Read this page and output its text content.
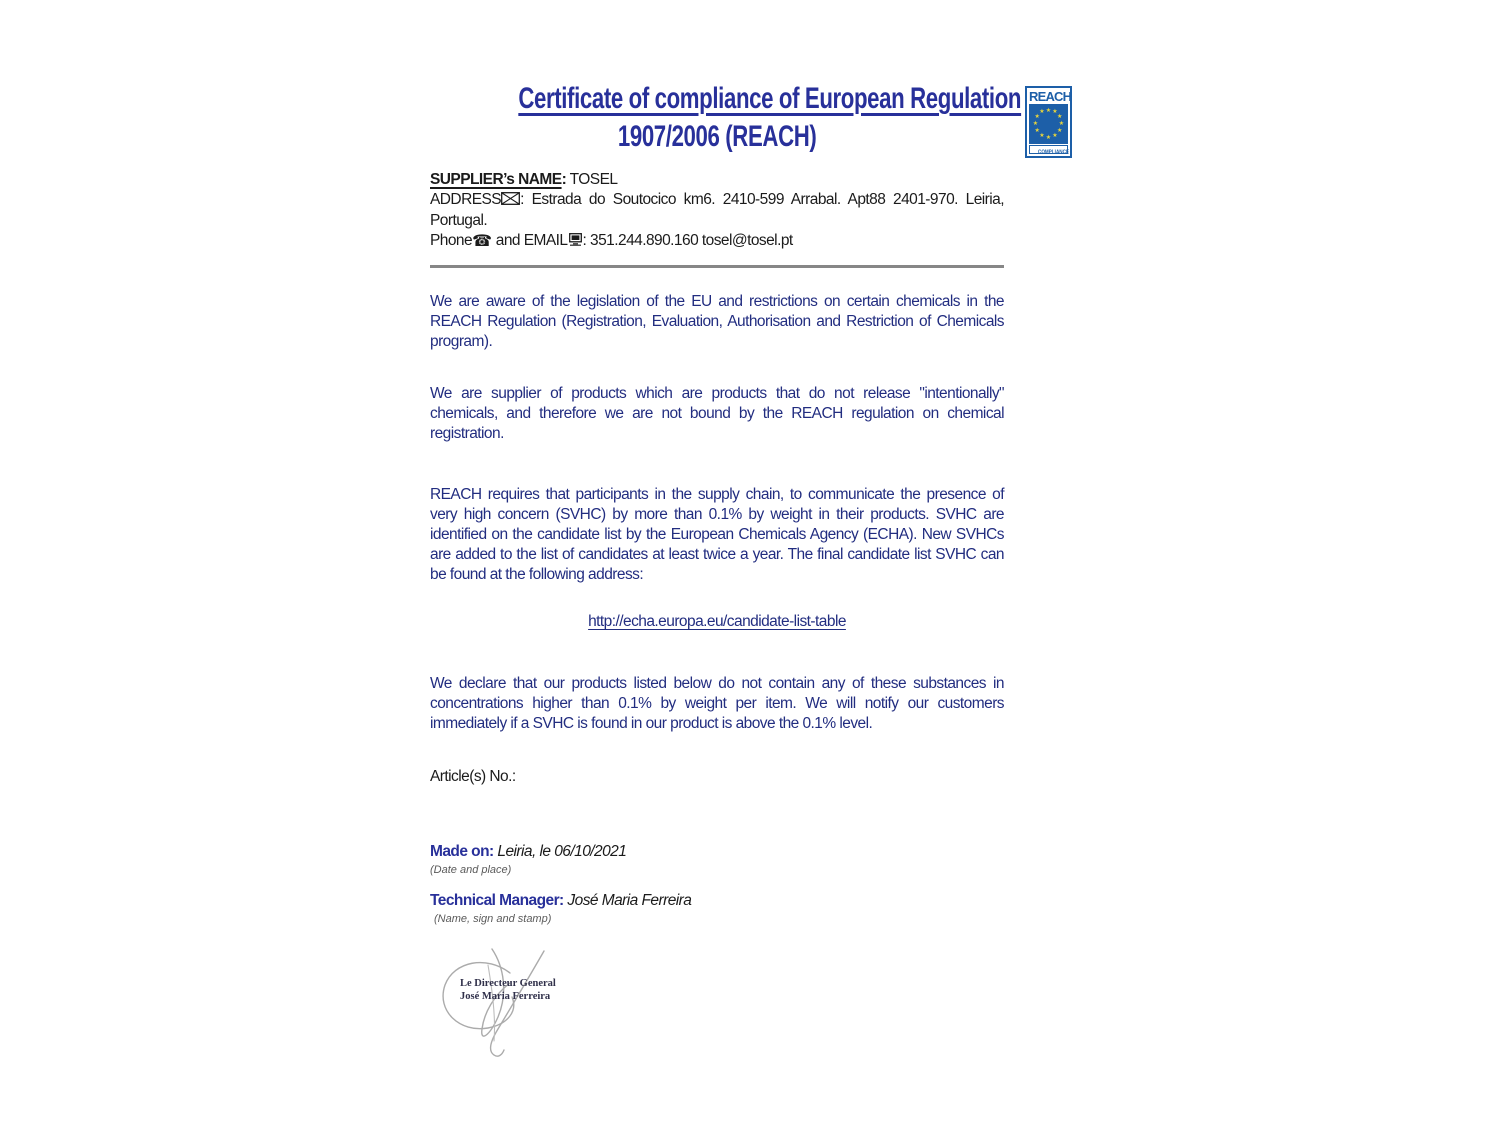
Certificate of compliance of European Regulation
1907/2006 (REACH)
REACH
★ ★
★
★
★
★
★
★
★
★
★
★
COMPLIANCE
SUPPLIER’s NAME: TOSEL
ADDRESS : Estrada do Soutocico km6. 2410-599 Arrabal. Apt88 2401-970. Leiria,
Portugal.
Phone☎ and EMAIL : 351.244.890.160 tosel@tosel.pt
We are aware of the legislation of the EU and restrictions on certain chemicals in the REACH Regulation (Registration, Evaluation, Authorisation and Restriction of Chemicals program).
We are supplier of products which are products that do not release "intentionally" chemicals, and therefore we are not bound by the REACH regulation on chemical registration.
REACH requires that participants in the supply chain, to communicate the presence of very high concern (SVHC) by more than 0.1% by weight in their products. SVHC are identified on the candidate list by the European Chemicals Agency (ECHA). New SVHCs are added to the list of candidates at least twice a year. The final candidate list SVHC can be found at the following address:
http://echa.europa.eu/candidate-list-table
We declare that our products listed below do not contain any of these substances in concentrations higher than 0.1% by weight per item. We will notify our customers immediately if a SVHC is found in our product is above the 0.1% level.
Article(s) No.:
Made on: Leiria, le 06/10/2021
(Date and place)
Technical Manager: José Maria Ferreira
(Name, sign and stamp)
Le Directeur General
José Maria Ferreira
